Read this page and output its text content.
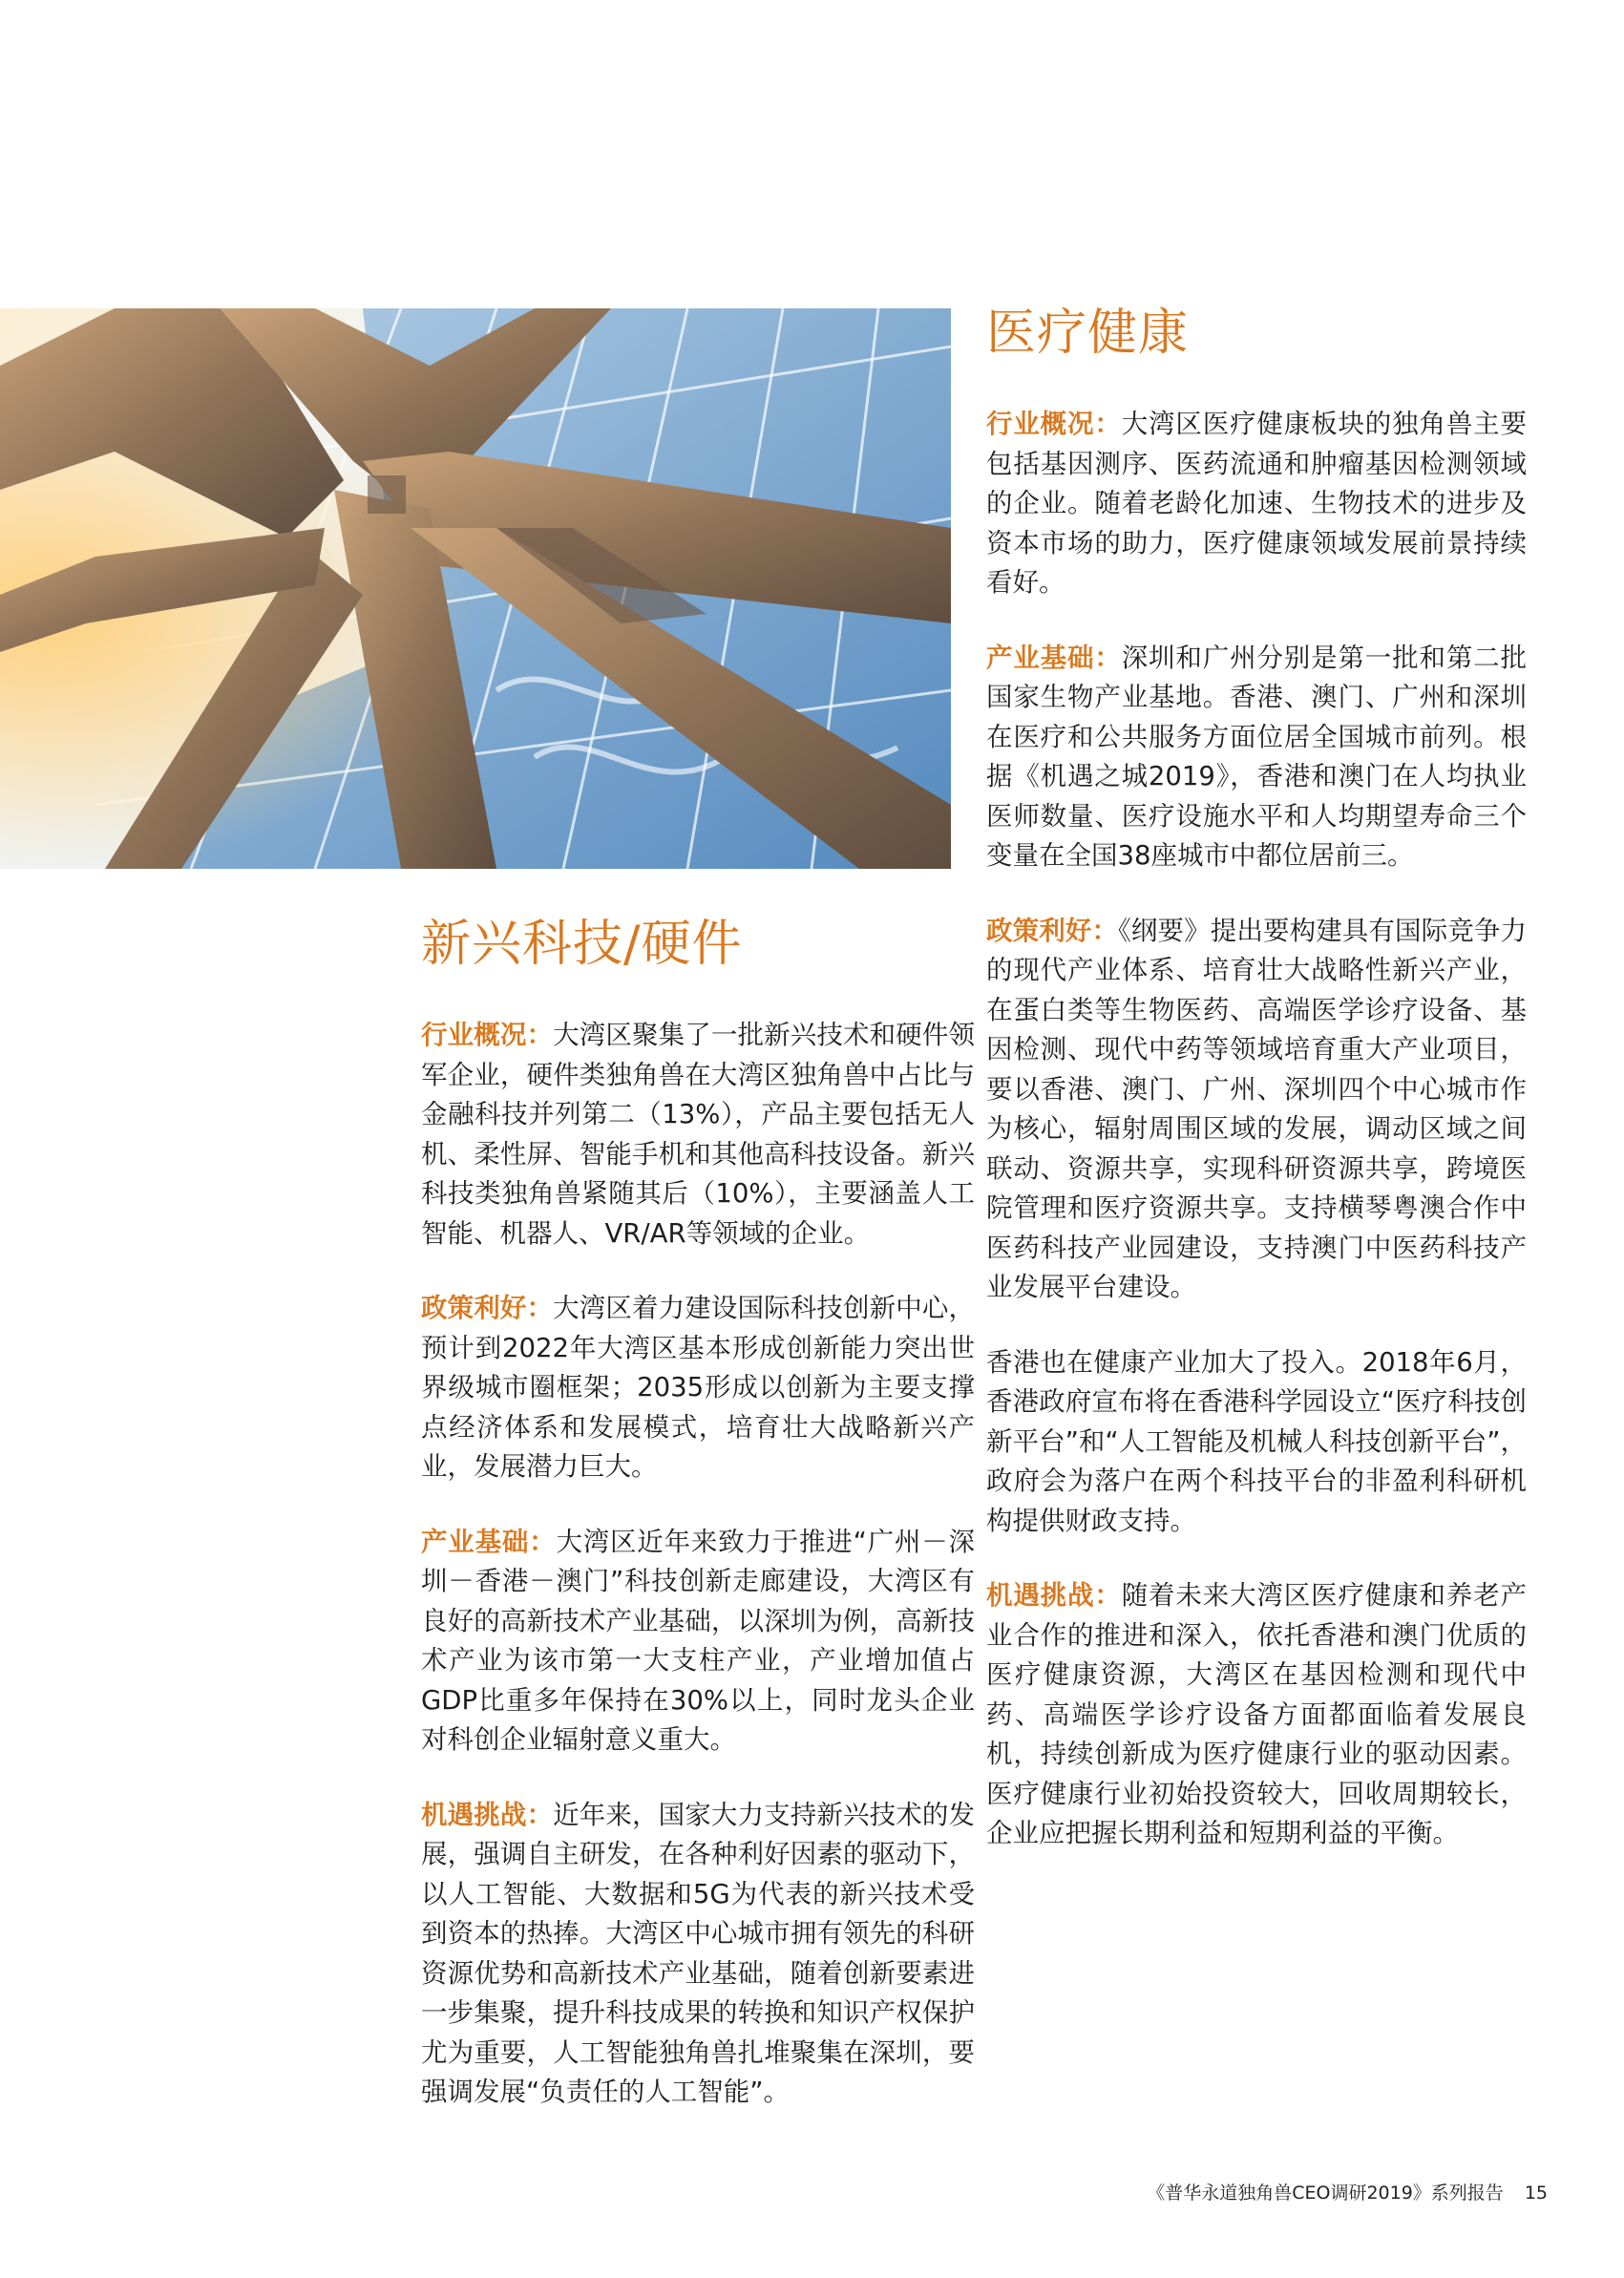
新兴科技/硬件

行业概况：大湾区聚集了一批新兴技术和硬件领军企业，硬件类独角兽在大湾区独角兽中占比与金融科技并列第二（13%），产品主要包括无人机、柔性屏、智能手机和其他高科技设备。新兴科技类独角兽紧随其后（10%），主要涵盖人工智能、机器人、VR/AR等领域的企业。

政策利好：大湾区着力建设国际科技创新中心，预计到2022年大湾区基本形成创新能力突出世界级城市圈框架；2035形成以创新为主要支撑点经济体系和发展模式，培育壮大战略新兴产业，发展潜力巨大。

产业基础：大湾区近年来致力于推进“广州－深圳－香港－澳门”科技创新走廊建设，大湾区有良好的高新技术产业基础，以深圳为例，高新技术产业为该市第一大支柱产业，产业增加值占GDP比重多年保持在30%以上，同时龙头企业对科创企业辐射意义重大。

机遇挑战：近年来，国家大力支持新兴技术的发展，强调自主研发，在各种利好因素的驱动下，以人工智能、大数据和5G为代表的新兴技术受到资本的热捧。大湾区中心城市拥有领先的科研资源优势和高新技术产业基础，随着创新要素进一步集聚，提升科技成果的转换和知识产权保护尤为重要，人工智能独角兽扎堆聚集在深圳，要强调发展“负责任的人工智能”。

医疗健康

行业概况：大湾区医疗健康板块的独角兽主要包括基因测序、医药流通和肿瘤基因检测领域的企业。随着老龄化加速、生物技术的进步及资本市场的助力，医疗健康领域发展前景持续看好。

产业基础：深圳和广州分别是第一批和第二批国家生物产业基地。香港、澳门、广州和深圳在医疗和公共服务方面位居全国城市前列。根据《机遇之城2019》，香港和澳门在人均执业医师数量、医疗设施水平和人均期望寿命三个变量在全国38座城市中都位居前三。

政策利好：《纲要》提出要构建具有国际竞争力的现代产业体系、培育壮大战略性新兴产业，在蛋白类等生物医药、高端医学诊疗设备、基因检测、现代中药等领域培育重大产业项目，要以香港、澳门、广州、深圳四个中心城市作为核心，辐射周围区域的发展，调动区域之间联动、资源共享，实现科研资源共享，跨境医院管理和医疗资源共享。支持横琴粤澳合作中医药科技产业园建设，支持澳门中医药科技产业发展平台建设。

香港也在健康产业加大了投入。2018年6月，香港政府宣布将在香港科学园设立“医疗科技创新平台”和“人工智能及机械人科技创新平台”，政府会为落户在两个科技平台的非盈利科研机构提供财政支持。

机遇挑战：随着未来大湾区医疗健康和养老产业合作的推进和深入，依托香港和澳门优质的医疗健康资源，大湾区在基因检测和现代中药、高端医学诊疗设备方面都面临着发展良机，持续创新成为医疗健康行业的驱动因素。 医疗健康行业初始投资较大，回收周期较长，企业应把握长期利益和短期利益的平衡。

《普华永道独角兽CEO调研2019》系列报告 15
